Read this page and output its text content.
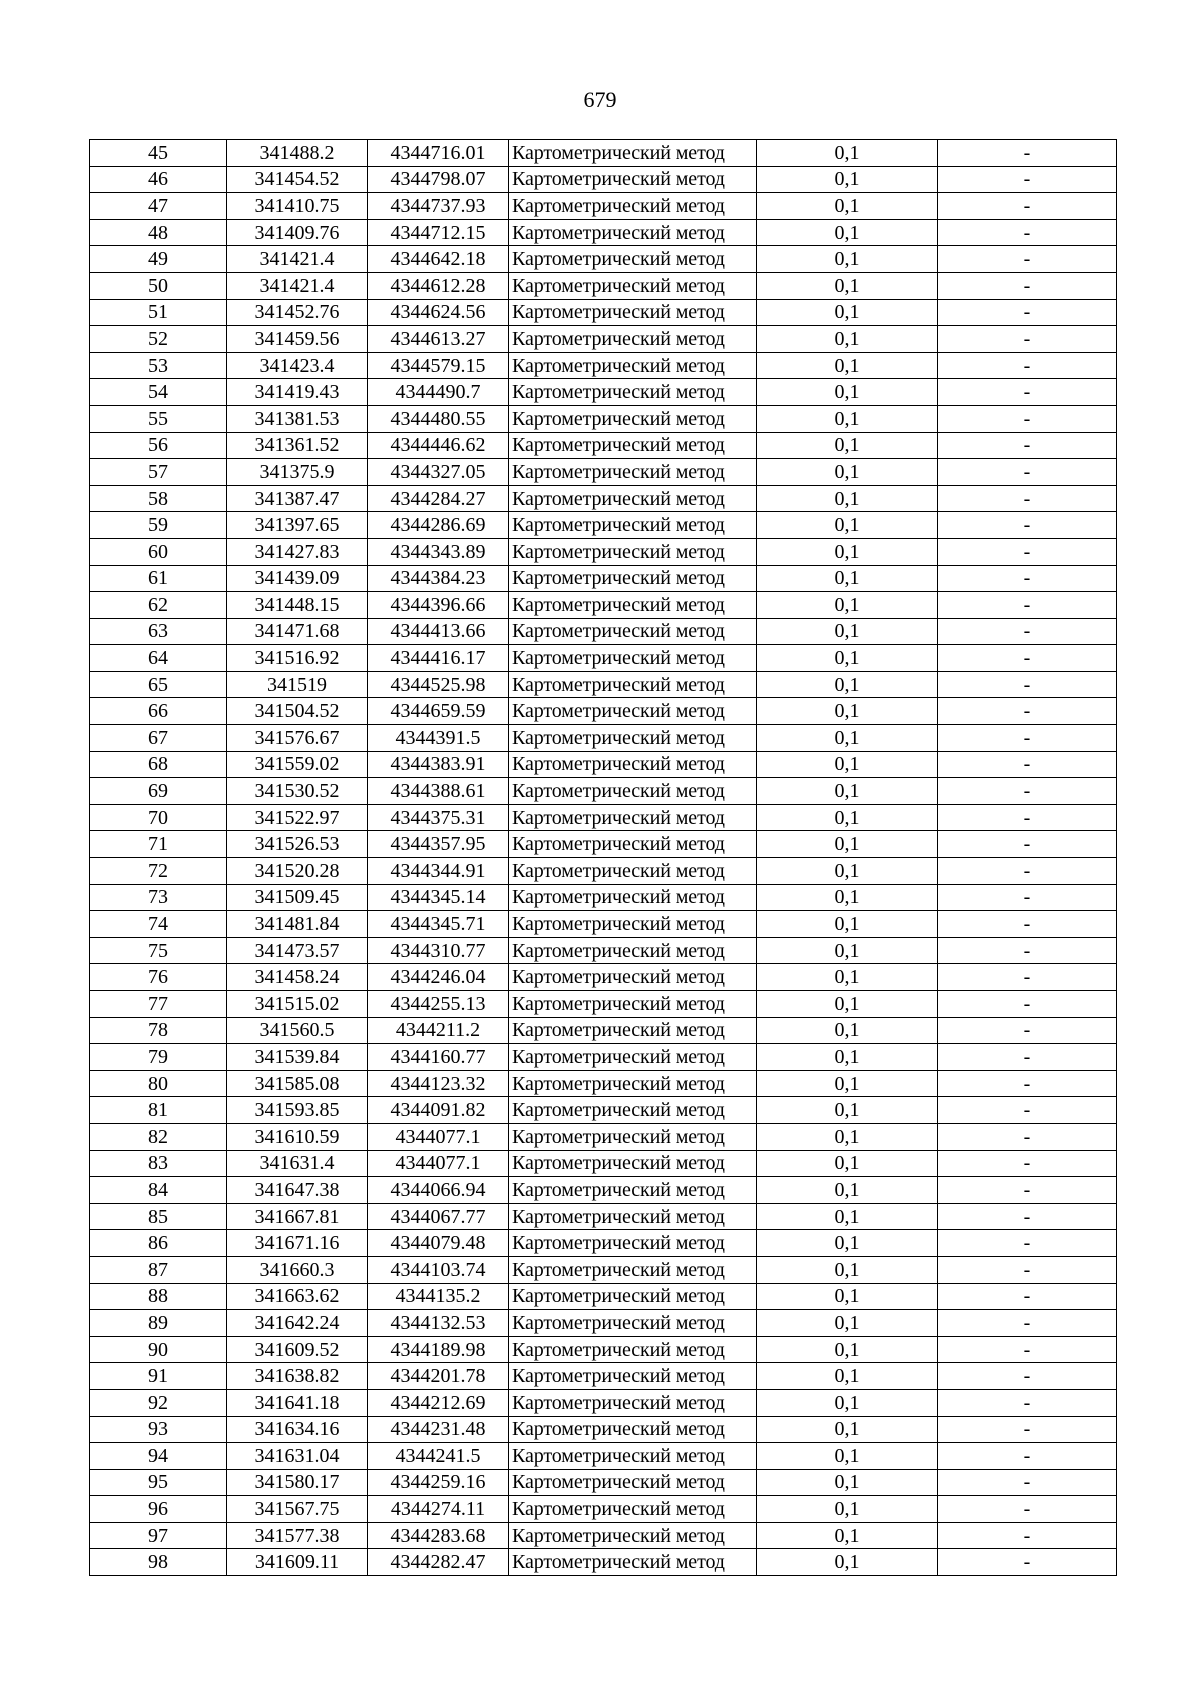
679
45	341488.2	4344716.01	Картометрический метод	0,1	-
46	341454.52	4344798.07	Картометрический метод	0,1	-
47	341410.75	4344737.93	Картометрический метод	0,1	-
48	341409.76	4344712.15	Картометрический метод	0,1	-
49	341421.4	4344642.18	Картометрический метод	0,1	-
50	341421.4	4344612.28	Картометрический метод	0,1	-
51	341452.76	4344624.56	Картометрический метод	0,1	-
52	341459.56	4344613.27	Картометрический метод	0,1	-
53	341423.4	4344579.15	Картометрический метод	0,1	-
54	341419.43	4344490.7	Картометрический метод	0,1	-
55	341381.53	4344480.55	Картометрический метод	0,1	-
56	341361.52	4344446.62	Картометрический метод	0,1	-
57	341375.9	4344327.05	Картометрический метод	0,1	-
58	341387.47	4344284.27	Картометрический метод	0,1	-
59	341397.65	4344286.69	Картометрический метод	0,1	-
60	341427.83	4344343.89	Картометрический метод	0,1	-
61	341439.09	4344384.23	Картометрический метод	0,1	-
62	341448.15	4344396.66	Картометрический метод	0,1	-
63	341471.68	4344413.66	Картометрический метод	0,1	-
64	341516.92	4344416.17	Картометрический метод	0,1	-
65	341519	4344525.98	Картометрический метод	0,1	-
66	341504.52	4344659.59	Картометрический метод	0,1	-
67	341576.67	4344391.5	Картометрический метод	0,1	-
68	341559.02	4344383.91	Картометрический метод	0,1	-
69	341530.52	4344388.61	Картометрический метод	0,1	-
70	341522.97	4344375.31	Картометрический метод	0,1	-
71	341526.53	4344357.95	Картометрический метод	0,1	-
72	341520.28	4344344.91	Картометрический метод	0,1	-
73	341509.45	4344345.14	Картометрический метод	0,1	-
74	341481.84	4344345.71	Картометрический метод	0,1	-
75	341473.57	4344310.77	Картометрический метод	0,1	-
76	341458.24	4344246.04	Картометрический метод	0,1	-
77	341515.02	4344255.13	Картометрический метод	0,1	-
78	341560.5	4344211.2	Картометрический метод	0,1	-
79	341539.84	4344160.77	Картометрический метод	0,1	-
80	341585.08	4344123.32	Картометрический метод	0,1	-
81	341593.85	4344091.82	Картометрический метод	0,1	-
82	341610.59	4344077.1	Картометрический метод	0,1	-
83	341631.4	4344077.1	Картометрический метод	0,1	-
84	341647.38	4344066.94	Картометрический метод	0,1	-
85	341667.81	4344067.77	Картометрический метод	0,1	-
86	341671.16	4344079.48	Картометрический метод	0,1	-
87	341660.3	4344103.74	Картометрический метод	0,1	-
88	341663.62	4344135.2	Картометрический метод	0,1	-
89	341642.24	4344132.53	Картометрический метод	0,1	-
90	341609.52	4344189.98	Картометрический метод	0,1	-
91	341638.82	4344201.78	Картометрический метод	0,1	-
92	341641.18	4344212.69	Картометрический метод	0,1	-
93	341634.16	4344231.48	Картометрический метод	0,1	-
94	341631.04	4344241.5	Картометрический метод	0,1	-
95	341580.17	4344259.16	Картометрический метод	0,1	-
96	341567.75	4344274.11	Картометрический метод	0,1	-
97	341577.38	4344283.68	Картометрический метод	0,1	-
98	341609.11	4344282.47	Картометрический метод	0,1	-
